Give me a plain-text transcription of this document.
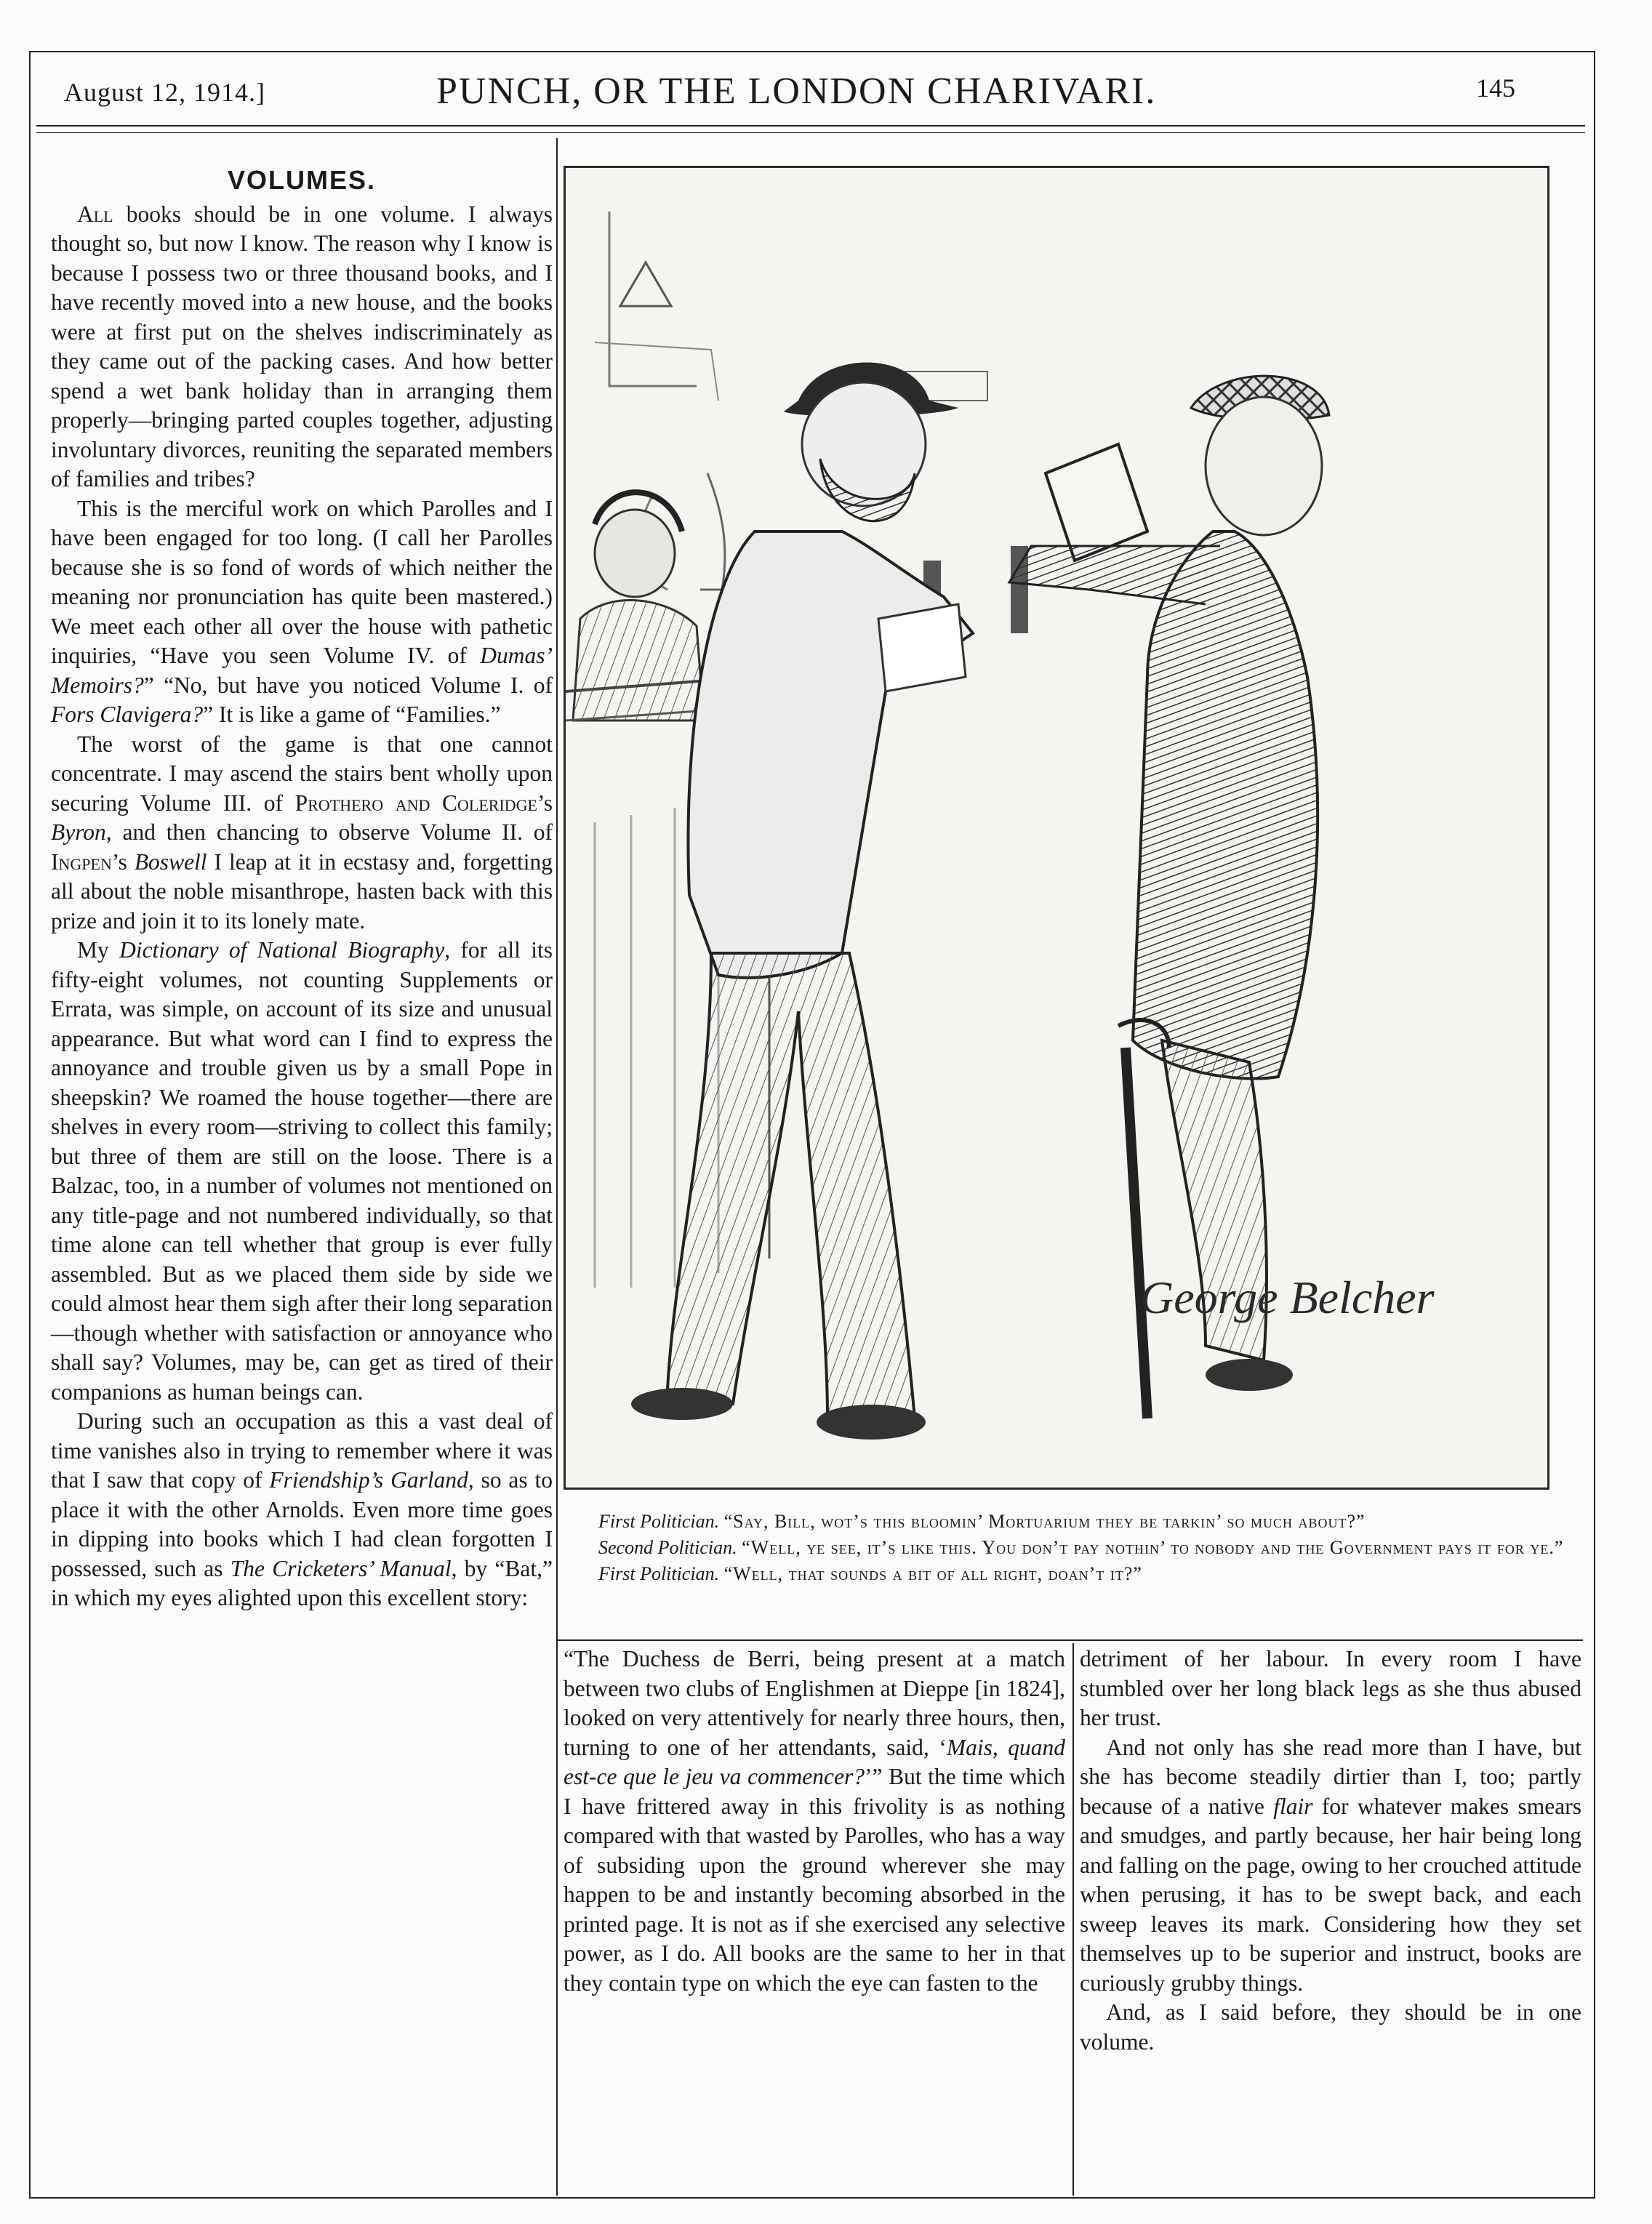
August 12, 1914.]	PUNCH, OR THE LONDON CHARIVARI.	145

VOLUMES.

All books should be in one volume. I always thought so, but now I know. The reason why I know is because I possess two or three thousand books, and I have recently moved into a new house, and the books were at first put on the shelves indiscriminately as they came out of the packing cases. And how better spend a wet bank holiday than in arranging them properly—bringing parted couples together, adjusting involuntary divorces, reuniting the separated members of families and tribes?

This is the merciful work on which Parolles and I have been engaged for too long. (I call her Parolles because she is so fond of words of which neither the meaning nor pronunciation has quite been mastered.) We meet each other all over the house with pathetic inquiries, “Have you seen Volume IV. of Dumas’ Memoirs?” “No, but have you noticed Volume I. of Fors Clavigera?” It is like a game of “Families.”

The worst of the game is that one cannot concentrate. I may ascend the stairs bent wholly upon securing Volume III. of Prothero and Coleridge’s Byron, and then chancing to observe Volume II. of Ingpen’s Boswell I leap at it in ecstasy and, forgetting all about the noble misanthrope, hasten back with this prize and join it to its lonely mate.

My Dictionary of National Biography, for all its fifty-eight volumes, not counting Supplements or Errata, was simple, on account of its size and unusual appearance. But what word can I find to express the annoyance and trouble given us by a small Pope in sheepskin? We roamed the house together—there are shelves in every room—striving to collect this family; but three of them are still on the loose. There is a Balzac, too, in a number of volumes not mentioned on any title-page and not numbered individually, so that time alone can tell whether that group is ever fully assembled. But as we placed them side by side we could almost hear them sigh after their long separation—though whether with satisfaction or annoyance who shall say? Volumes, may be, can get as tired of their companions as human beings can.

During such an occupation as this a vast deal of time vanishes also in trying to remember where it was that I saw that copy of Friendship’s Garland, so as to place it with the other Arnolds. Even more time goes in dipping into books which I had clean forgotten I possessed, such as The Cricketers’ Manual, by “Bat,” in which my eyes alighted upon this excellent story:

George Belcher

First Politician. “Say, Bill, wot’s this bloomin’ Mortuarium they be tarkin’ so much about?”

Second Politician. “Well, ye see, it’s like this. You don’t pay nothin’ to nobody and the Government pays it for ye.”

First Politician. “Well, that sounds a bit of all right, doan’t it?”

“The Duchess de Berri, being present at a match between two clubs of Englishmen at Dieppe [in 1824], looked on very attentively for nearly three hours, then, turning to one of her attendants, said, ‘Mais, quand est-ce que le jeu va commencer?’” But the time which I have frittered away in this frivolity is as nothing compared with that wasted by Parolles, who has a way of subsiding upon the ground wherever she may happen to be and instantly becoming absorbed in the printed page. It is not as if she exercised any selective power, as I do. All books are the same to her in that they contain type on which the eye can fasten to the

detriment of her labour. In every room I have stumbled over her long black legs as she thus abused her trust.

And not only has she read more than I have, but she has become steadily dirtier than I, too; partly because of a native flair for whatever makes smears and smudges, and partly because, her hair being long and falling on the page, owing to her crouched attitude when perusing, it has to be swept back, and each sweep leaves its mark. Considering how they set themselves up to be superior and instruct, books are curiously grubby things.

And, as I said before, they should be in one volume.
